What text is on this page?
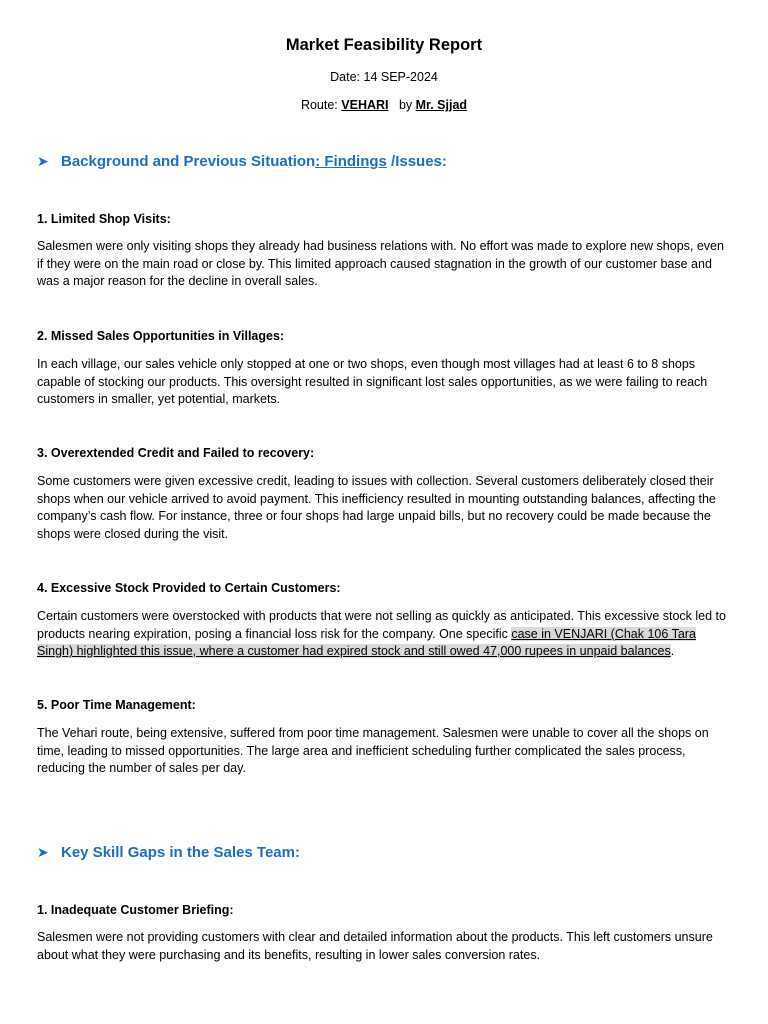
Market Feasibility Report
Date: 14 SEP-2024
Route: VEHARI by Mr. Sjjad
➤ Background and Previous Situation: Findings /Issues:
1. Limited Shop Visits:
Salesmen were only visiting shops they already had business relations with. No effort was made to explore new shops, even if they were on the main road or close by. This limited approach caused stagnation in the growth of our customer base and was a major reason for the decline in overall sales.
2. Missed Sales Opportunities in Villages:
In each village, our sales vehicle only stopped at one or two shops, even though most villages had at least 6 to 8 shops capable of stocking our products. This oversight resulted in significant lost sales opportunities, as we were failing to reach customers in smaller, yet potential, markets.
3. Overextended Credit and Failed to recovery:
Some customers were given excessive credit, leading to issues with collection. Several customers deliberately closed their shops when our vehicle arrived to avoid payment. This inefficiency resulted in mounting outstanding balances, affecting the company’s cash flow. For instance, three or four shops had large unpaid bills, but no recovery could be made because the shops were closed during the visit.
4. Excessive Stock Provided to Certain Customers:
Certain customers were overstocked with products that were not selling as quickly as anticipated. This excessive stock led to products nearing expiration, posing a financial loss risk for the company. One specific case in VENJARI (Chak 106 Tara Singh) highlighted this issue, where a customer had expired stock and still owed 47,000 rupees in unpaid balances.
5. Poor Time Management:
The Vehari route, being extensive, suffered from poor time management. Salesmen were unable to cover all the shops on time, leading to missed opportunities. The large area and inefficient scheduling further complicated the sales process, reducing the number of sales per day.
➤ Key Skill Gaps in the Sales Team:
1. Inadequate Customer Briefing:
Salesmen were not providing customers with clear and detailed information about the products. This left customers unsure about what they were purchasing and its benefits, resulting in lower sales conversion rates.
